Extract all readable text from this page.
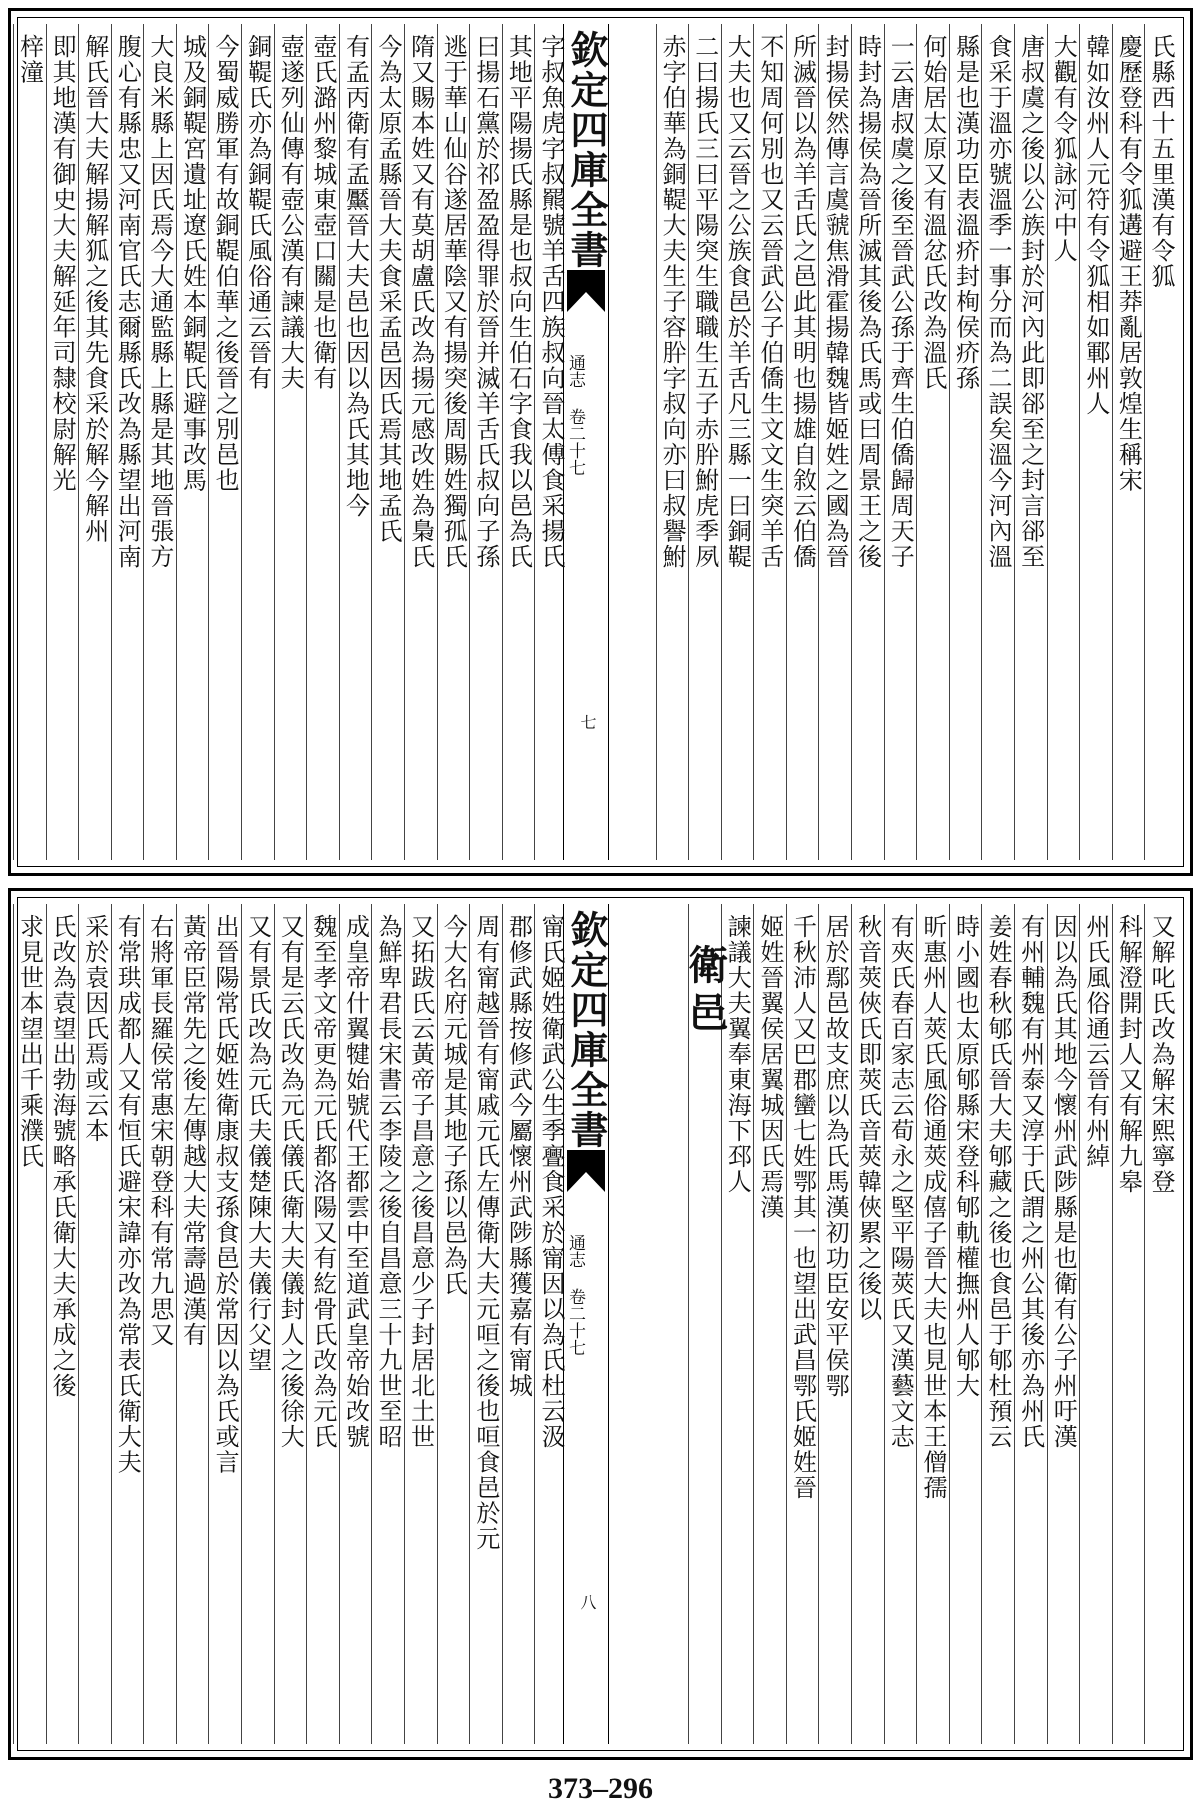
氏縣西十五里漢有令狐
慶歷登科有令狐遘避王莽亂居敦煌生稱宋
韓如汝州人元符有令狐相如鄆州人
大觀有令狐詠河中人
唐叔虞之後以公族封於河內此即郤至之封言郤至
食采于溫亦號溫季一事分而為二誤矣溫今河內溫
縣是也漢功臣表溫疥封栒侯疥孫
何始居太原又有溫忿氏改為溫氏
一云唐叔虞之後至晉武公孫于齊生伯僑歸周天子
時封為揚侯為晉所滅其後為氏馬或曰周景王之後
封揚侯然傳言虞虢焦滑霍揚韓魏皆姬姓之國為晉
所滅晉以為羊舌氏之邑此其明也揚雄自敘云伯僑
不知周何別也又云晉武公子伯僑生文文生突羊舌
大夫也又云晉之公族食邑於羊舌凡三縣一曰銅鞮
二曰揚氏三曰平陽突生職職生五子赤肸鮒虎季夙
赤字伯華為銅鞮大夫生子容肸字叔向亦曰叔譽鮒
欽定四庫全書
通志 卷二十七
七
字叔魚虎字叔羆號羊舌四族叔向晉太傅食采揚氏
其地平陽揚氏縣是也叔向生伯石字食我以邑為氏
曰揚石黨於祁盈盈得罪於晉并滅羊舌氏叔向子孫
逃于華山仙谷遂居華陰又有揚突後周賜姓獨孤氏
隋又賜本姓又有莫胡盧氏改為揚元感改姓為梟氏
今為太原孟縣晉大夫食采孟邑因氏焉其地孟氏
有孟丙衛有孟黶晉大夫邑也因以為氏其地今
壺氏潞州黎城東壺口關是也衛有
壺遂列仙傳有壺公漢有諫議大夫
銅鞮氏亦為銅鞮氏風俗通云晉有
今蜀威勝軍有故銅鞮伯華之後晉之別邑也
城及銅鞮宮遺址遼氏姓本銅鞮氏避事改馬
大良米縣上因氏焉今大通監縣上縣是其地晉張方
腹心有縣忠又河南官氏志爾縣氏改為縣望出河南
解氏晉大夫解揚解狐之後其先食采於解今解州
即其地漢有御史大夫解延年司隸校尉解光
梓潼
又解叱氏改為解宋熙寧登
科解澄開封人又有解九皋
州氏風俗通云晉有州綽
因以為氏其地今懷州武陟縣是也衛有公子州吁漢
有州輔魏有州泰又淳于氏謂之州公其後亦為州氏
姜姓春秋郇氏晉大夫郇藏之後也食邑于郇杜預云
時小國也太原郇縣宋登科郇軌權撫州人郇大
昕惠州人莢氏風俗通莢成僖子晉大夫也見世本王僧孺
有夾氏春百家志云荀永之堅平陽莢氏又漢藝文志
秋音莢俠氏即莢氏音莢韓俠累之後以
居於鄢邑故支庶以為氏馬漢初功臣安平侯鄂
千秋沛人又巴郡蠻七姓鄂其一也望出武昌鄂氏姬姓晉
姬姓晉翼侯居翼城因氏焉漢
諫議大夫翼奉東海下邳人
衛邑
欽定四庫全書
通志 卷二十七
八
甯氏姬姓衛武公生季亹食采於甯因以為氏杜云汲
郡修武縣按修武今屬懷州武陟縣獲嘉有甯城
周有甯越晉有甯戚元氏左傳衛大夫元咺之後也咺食邑於元
今大名府元城是其地子孫以邑為氏
又拓跋氏云黃帝子昌意之後昌意少子封居北土世
為鮮卑君長宋書云李陵之後自昌意三十九世至昭
成皇帝什翼犍始號代王都雲中至道武皇帝始改號
魏至孝文帝更為元氏都洛陽又有紇骨氏改為元氏
又有是云氏改為元氏儀氏衛大夫儀封人之後徐大
又有景氏改為元氏夫儀楚陳大夫儀行父望
出晉陽常氏姬姓衛康叔支孫食邑於常因以為氏或言
黃帝臣常先之後左傳越大夫常壽過漢有
右將軍長羅侯常惠宋朝登科有常九思又
有常珙成都人又有恒氏避宋諱亦改為常表氏衛大夫
采於袁因氏焉或云本
氏改為袁望出勃海號略承氏衛大夫承成之後
求見世本望出千乘濮氏
373–296
